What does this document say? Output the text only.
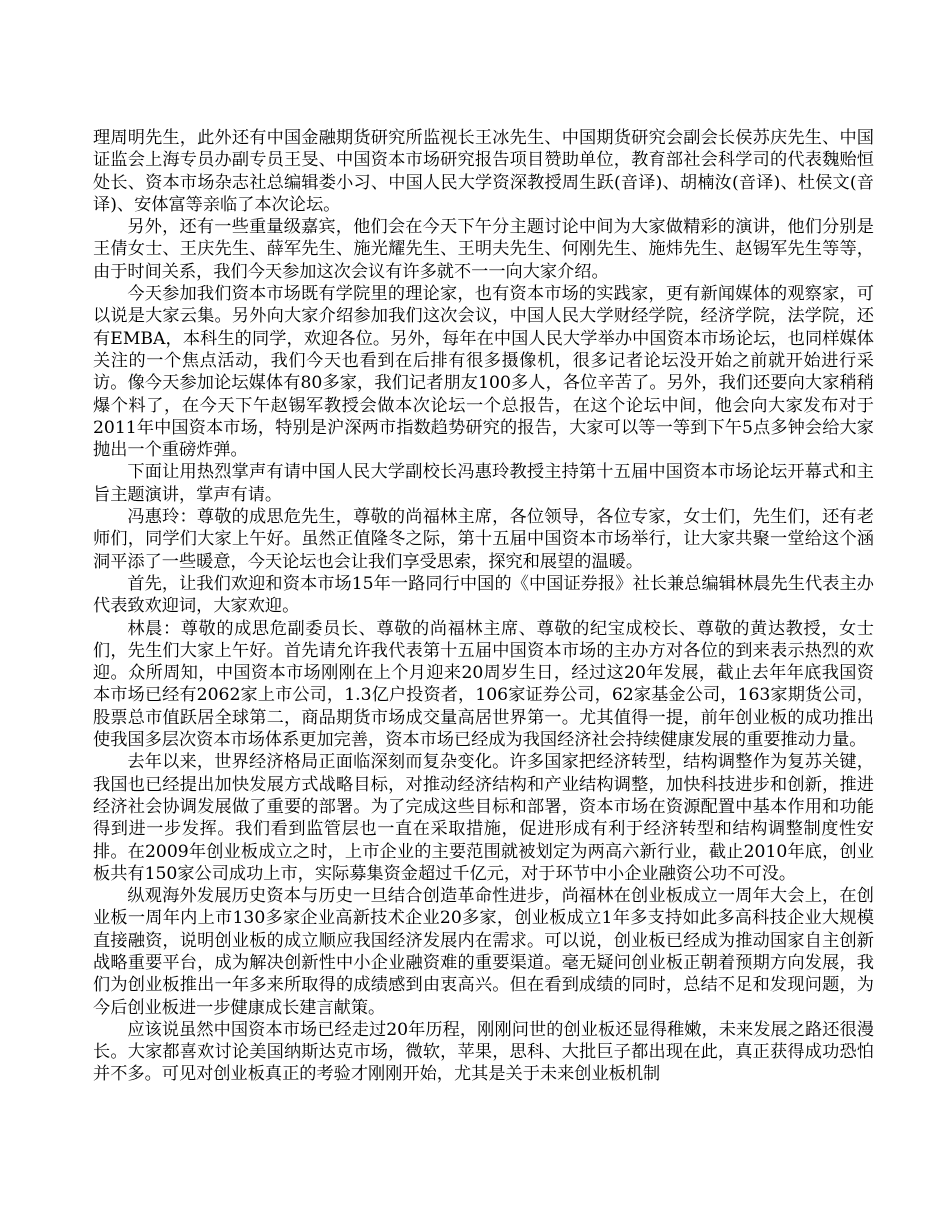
理周明先生，此外还有中国金融期货研究所监视长王冰先生、中国期货研究会副会长侯苏庆先生、中国证监会上海专员办副专员王旻、中国资本市场研究报告项目赞助单位，教育部社会科学司的代表魏贻恒处长、资本市场杂志社总编辑娄小习、中国人民大学资深教授周生跃(音译)、胡楠汝(音译)、杜侯文(音译)、安体富等亲临了本次论坛。

另外，还有一些重量级嘉宾，他们会在今天下午分主题讨论中间为大家做精彩的演讲，他们分别是王倩女士、王庆先生、薛军先生、施光耀先生、王明夫先生、何刚先生、施炜先生、赵锡军先生等等，由于时间关系，我们今天参加这次会议有许多就不一一向大家介绍。

今天参加我们资本市场既有学院里的理论家，也有资本市场的实践家，更有新闻媒体的观察家，可以说是大家云集。另外向大家介绍参加我们这次会议，中国人民大学财经学院，经济学院，法学院，还有EMBA，本科生的同学，欢迎各位。另外，每年在中国人民大学举办中国资本市场论坛，也同样媒体关注的一个焦点活动，我们今天也看到在后排有很多摄像机，很多记者论坛没开始之前就开始进行采访。像今天参加论坛媒体有80多家，我们记者朋友100多人，各位辛苦了。另外，我们还要向大家稍稍爆个料了，在今天下午赵锡军教授会做本次论坛一个总报告，在这个论坛中间，他会向大家发布对于2011年中国资本市场，特别是沪深两市指数趋势研究的报告，大家可以等一等到下午5点多钟会给大家抛出一个重磅炸弹。

下面让用热烈掌声有请中国人民大学副校长冯惠玲教授主持第十五届中国资本市场论坛开幕式和主旨主题演讲，掌声有请。

冯惠玲：尊敬的成思危先生，尊敬的尚福林主席，各位领导，各位专家，女士们，先生们，还有老师们，同学们大家上午好。虽然正值隆冬之际，第十五届中国资本市场举行，让大家共聚一堂给这个涵洞平添了一些暖意，今天论坛也会让我们享受思索，探究和展望的温暖。

首先，让我们欢迎和资本市场15年一路同行中国的《中国证券报》社长兼总编辑林晨先生代表主办代表致欢迎词，大家欢迎。

林晨：尊敬的成思危副委员长、尊敬的尚福林主席、尊敬的纪宝成校长、尊敬的黄达教授，女士们，先生们大家上午好。首先请允许我代表第十五届中国资本市场的主办方对各位的到来表示热烈的欢迎。众所周知，中国资本市场刚刚在上个月迎来20周岁生日，经过这20年发展，截止去年年底我国资本市场已经有2062家上市公司，1.3亿户投资者，106家证券公司，62家基金公司，163家期货公司，股票总市值跃居全球第二，商品期货市场成交量高居世界第一。尤其值得一提，前年创业板的成功推出使我国多层次资本市场体系更加完善，资本市场已经成为我国经济社会持续健康发展的重要推动力量。

去年以来，世界经济格局正面临深刻而复杂变化。许多国家把经济转型，结构调整作为复苏关键，我国也已经提出加快发展方式战略目标，对推动经济结构和产业结构调整，加快科技进步和创新，推进经济社会协调发展做了重要的部署。为了完成这些目标和部署，资本市场在资源配置中基本作用和功能得到进一步发挥。我们看到监管层也一直在采取措施，促进形成有利于经济转型和结构调整制度性安排。在2009年创业板成立之时，上市企业的主要范围就被划定为两高六新行业，截止2010年底，创业板共有150家公司成功上市，实际募集资金超过千亿元，对于环节中小企业融资公功不可没。

纵观海外发展历史资本与历史一旦结合创造革命性进步，尚福林在创业板成立一周年大会上，在创业板一周年内上市130多家企业高新技术企业20多家，创业板成立1年多支持如此多高科技企业大规模直接融资，说明创业板的成立顺应我国经济发展内在需求。可以说，创业板已经成为推动国家自主创新战略重要平台，成为解决创新性中小企业融资难的重要渠道。毫无疑问创业板正朝着预期方向发展，我们为创业板推出一年多来所取得的成绩感到由衷高兴。但在看到成绩的同时，总结不足和发现问题，为今后创业板进一步健康成长建言献策。

应该说虽然中国资本市场已经走过20年历程，刚刚问世的创业板还显得稚嫩，未来发展之路还很漫长。大家都喜欢讨论美国纳斯达克市场，微软，苹果，思科、大批巨子都出现在此，真正获得成功恐怕并不多。可见对创业板真正的考验才刚刚开始，尤其是关于未来创业板机制
